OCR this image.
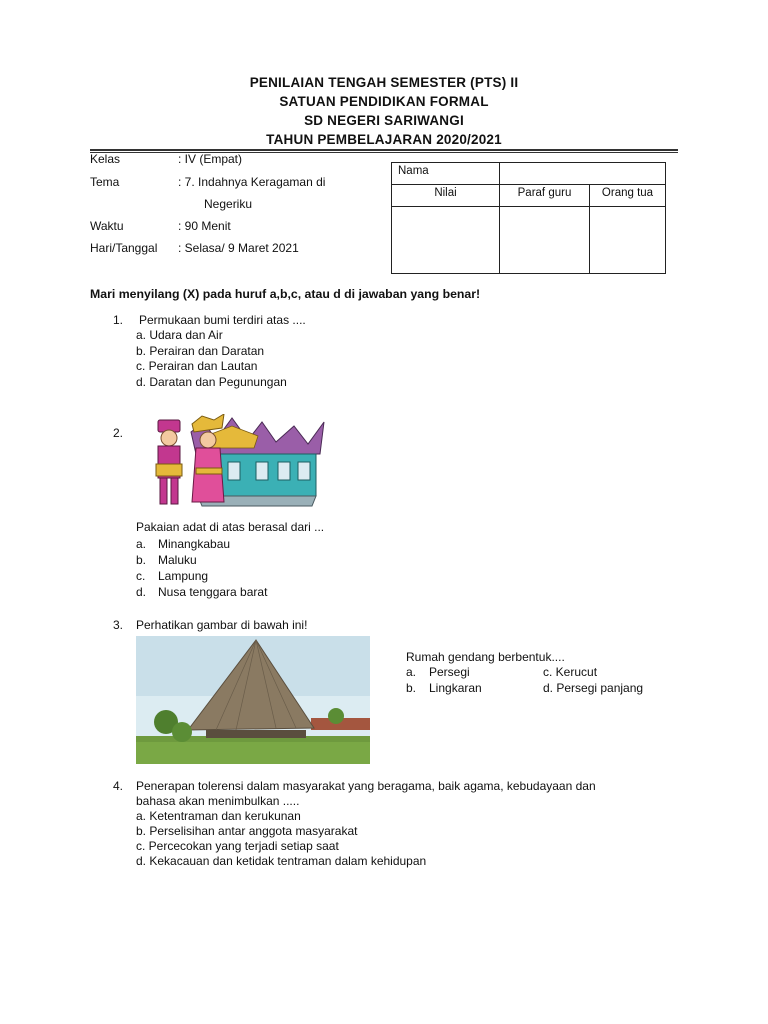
PENILAIAN TENGAH SEMESTER (PTS) II
SATUAN PENDIDIKAN FORMAL
SD NEGERI SARIWANGI
TAHUN PEMBELAJARAN 2020/2021
Kelas	: IV (Empat)
Tema	: 7. Indahnya Keragaman di
Negeriku
Waktu	: 90 Menit
Hari/Tanggal : Selasa/ 9 Maret 2021
Nama		
Nilai	Paraf guru	Orang tua

Mari menyilang (X) pada huruf a,b,c, atau d di jawaban yang benar!
1. Permukaan bumi terdiri atas ....
a. Udara dan Air
b. Perairan dan Daratan
c. Perairan dan Lautan
d. Daratan dan Pegunungan
2.
Pakaian adat di atas berasal dari ...
a. Minangkabau
b. Maluku
c. Lampung
d. Nusa tenggara barat
3. Perhatikan gambar di bawah ini!
Rumah gendang berbentuk....
a. Persegi	c. Kerucut
b. Lingkaran	d. Persegi panjang
4. Penerapan tolerensi dalam masyarakat yang beragama, baik agama, kebudayaan dan
bahasa akan menimbulkan .....
a. Ketentraman dan kerukunan
b. Perselisihan antar anggota masyarakat
c. Percecokan yang terjadi setiap saat
d. Kekacauan dan ketidak tentraman dalam kehidupan
